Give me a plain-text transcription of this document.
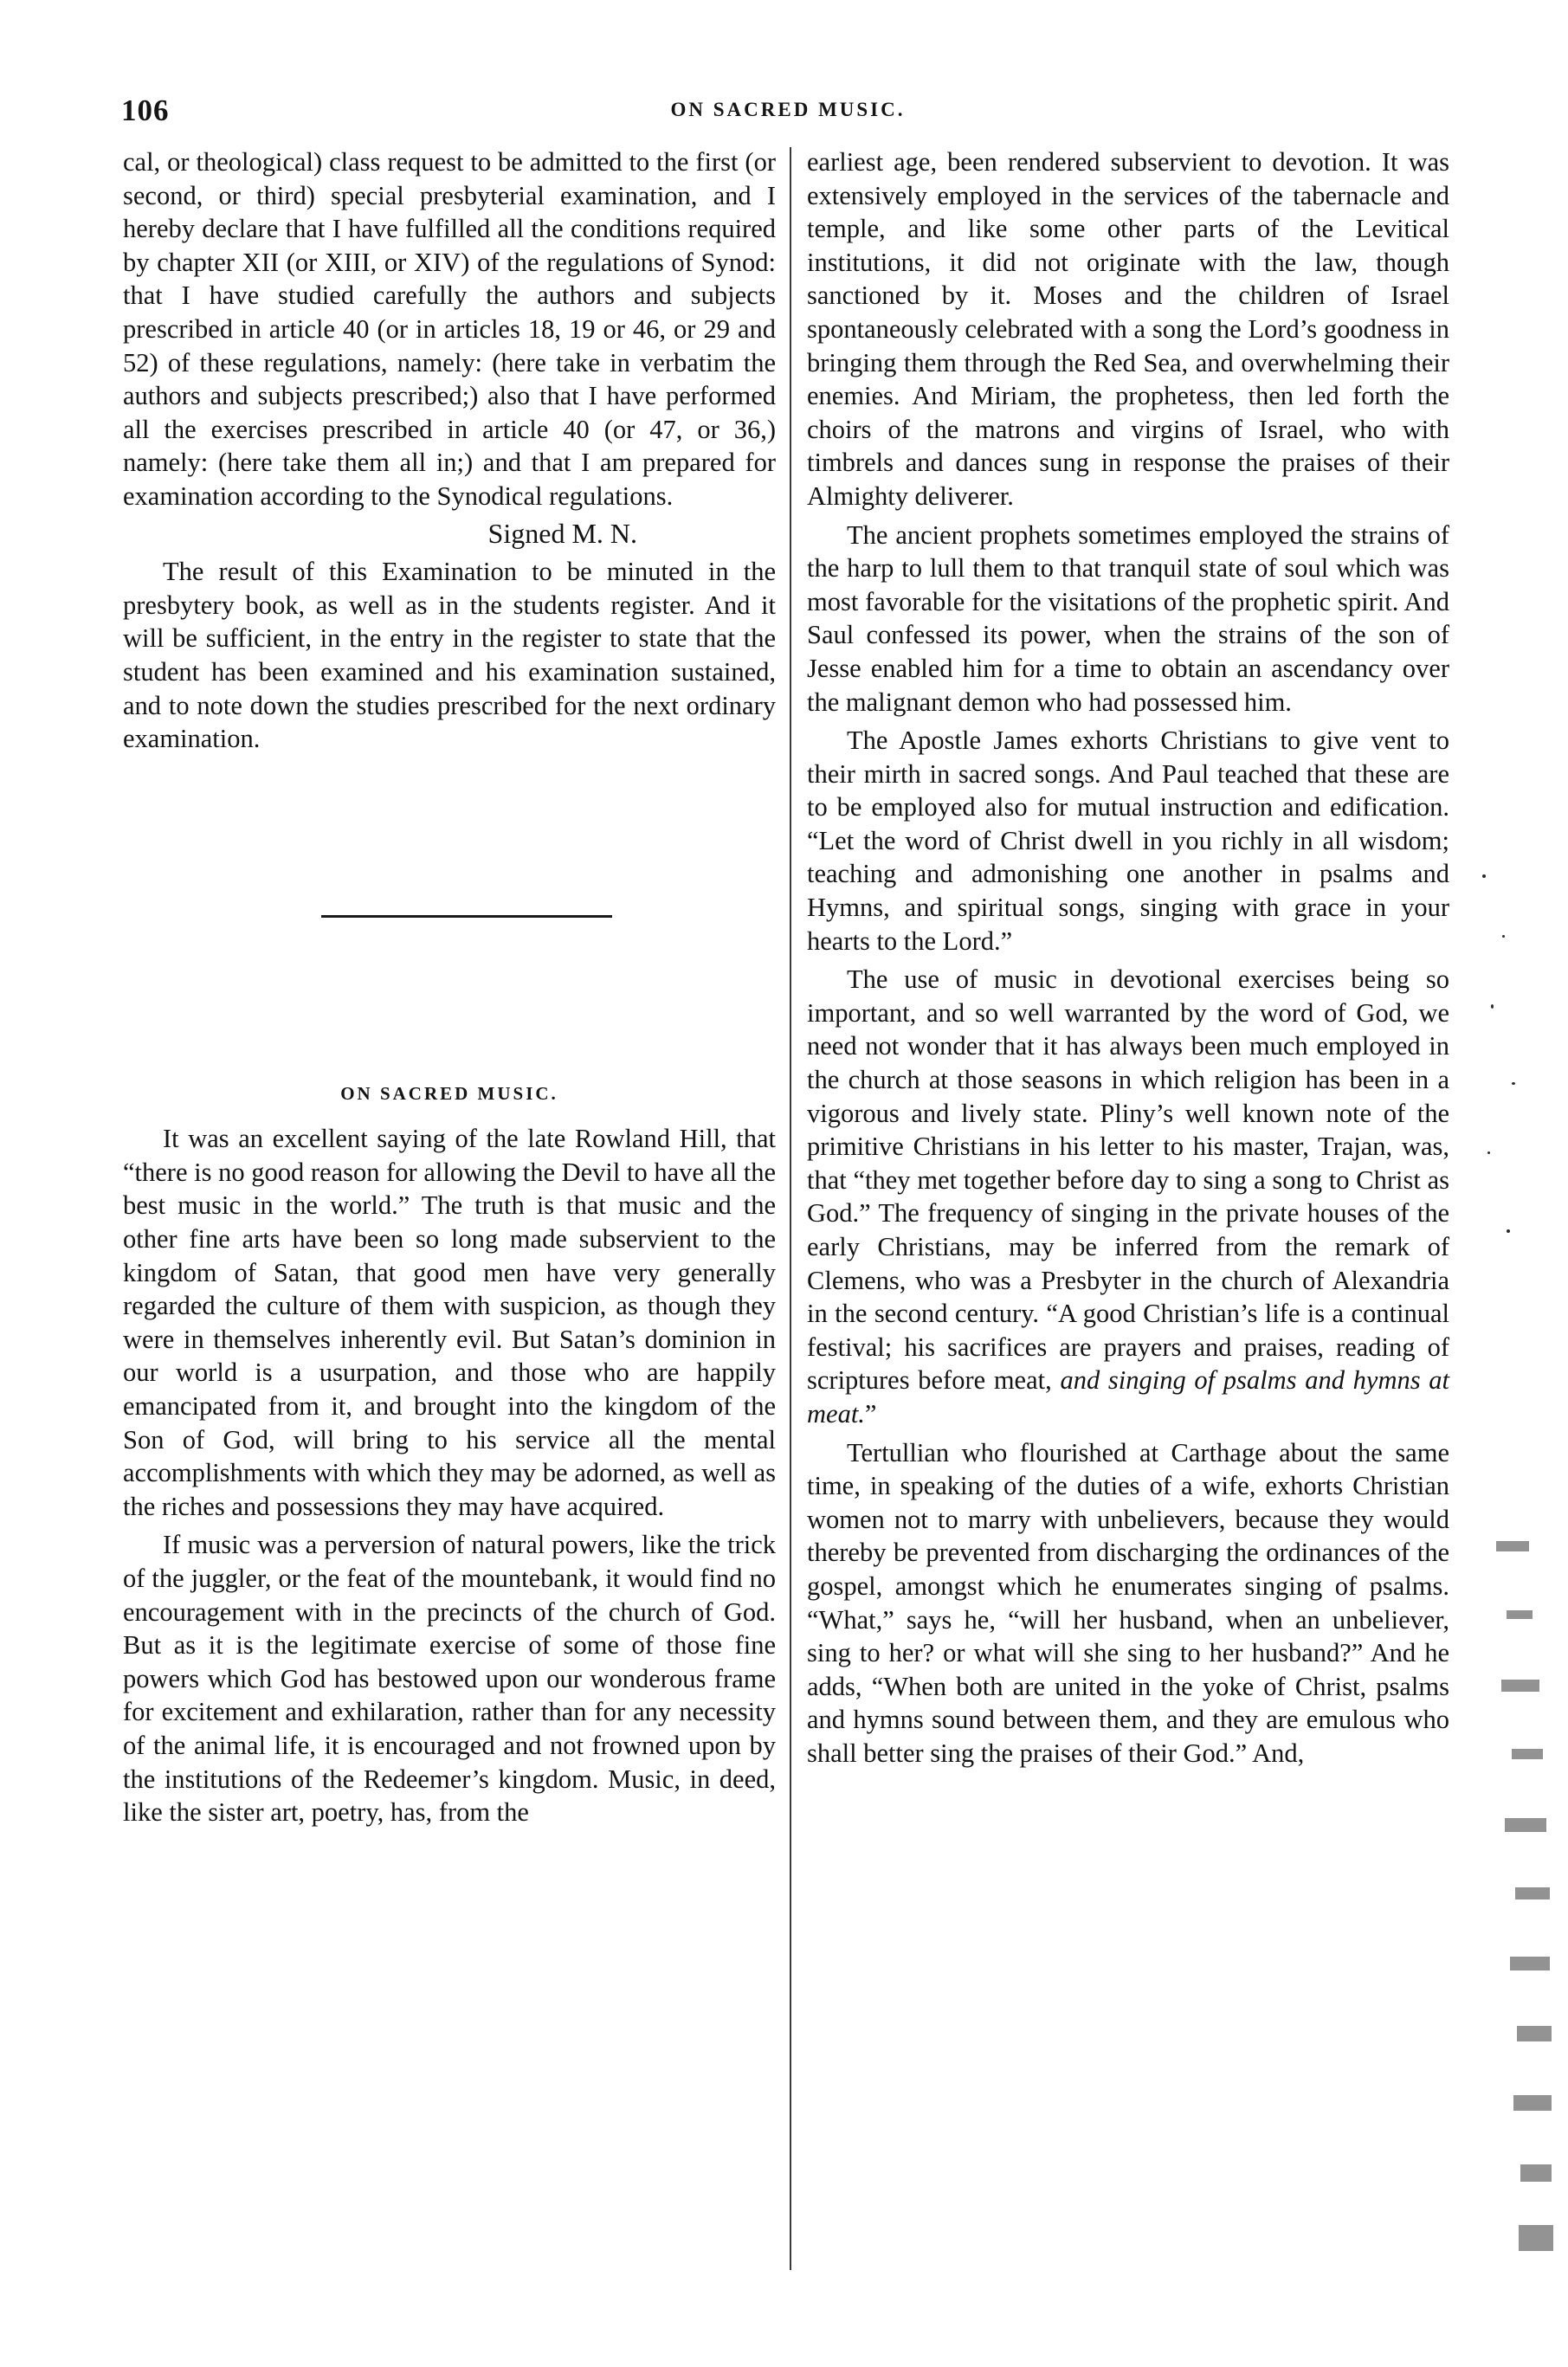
106	ON SACRED MUSIC.

cal, or theological) class request to be admitted to the first (or second, or third) special presbyterial examination, and I hereby declare that I have fulfilled all the conditions required by chapter XII (or XIII, or XIV) of the regulations of Synod: that I have studied carefully the authors and subjects prescribed in article 40 (or in articles 18, 19 or 46, or 29 and 52) of these regulations, namely: (here take in verbatim the authors and subjects prescribed;) also that I have performed all the exercises prescribed in article 40 (or 47, or 36,) namely: (here take them all in;) and that I am prepared for examination according to the Synodical regulations.

Signed M. N.

The result of this Examination to be minuted in the presbytery book, as well as in the students register. And it will be sufficient, in the entry in the register to state that the student has been examined and his examination sustained, and to note down the studies prescribed for the next ordinary examination.

ON SACRED MUSIC.

It was an excellent saying of the late Rowland Hill, that “there is no good reason for allowing the Devil to have all the best music in the world.” The truth is that music and the other fine arts have been so long made subservient to the kingdom of Satan, that good men have very generally regarded the culture of them with suspicion, as though they were in themselves inherently evil. But Satan’s dominion in our world is a usurpation, and those who are happily emancipated from it, and brought into the kingdom of the Son of God, will bring to his service all the mental accomplishments with which they may be adorned, as well as the riches and possessions they may have acquired.

If music was a perversion of natural powers, like the trick of the juggler, or the feat of the mountebank, it would find no encouragement with in the precincts of the church of God. But as it is the legitimate exercise of some of those fine powers which God has bestowed upon our wonderous frame for excitement and exhilaration, rather than for any necessity of the animal life, it is encouraged and not frowned upon by the institutions of the Redeemer’s kingdom. Music, in deed, like the sister art, poetry, has, from the

earliest age, been rendered subservient to devotion. It was extensively employed in the services of the tabernacle and temple, and like some other parts of the Levitical institutions, it did not originate with the law, though sanctioned by it. Moses and the children of Israel spontaneously celebrated with a song the Lord’s goodness in bringing them through the Red Sea, and overwhelming their enemies. And Miriam, the prophetess, then led forth the choirs of the matrons and virgins of Israel, who with timbrels and dances sung in response the praises of their Almighty deliverer.

The ancient prophets sometimes employed the strains of the harp to lull them to that tranquil state of soul which was most favorable for the visitations of the prophetic spirit. And Saul confessed its power, when the strains of the son of Jesse enabled him for a time to obtain an ascendancy over the malignant demon who had possessed him.

The Apostle James exhorts Christians to give vent to their mirth in sacred songs. And Paul teached that these are to be employed also for mutual instruction and edification. “Let the word of Christ dwell in you richly in all wisdom; teaching and admonishing one another in psalms and Hymns, and spiritual songs, singing with grace in your hearts to the Lord.”

The use of music in devotional exercises being so important, and so well warranted by the word of God, we need not wonder that it has always been much employed in the church at those seasons in which religion has been in a vigorous and lively state. Pliny’s well known note of the primitive Christians in his letter to his master, Trajan, was, that “they met together before day to sing a song to Christ as God.” The frequency of singing in the private houses of the early Christians, may be inferred from the remark of Clemens, who was a Presbyter in the church of Alexandria in the second century. “A good Christian’s life is a continual festival; his sacrifices are prayers and praises, reading of scriptures before meat, and singing of psalms and hymns at meat.”

Tertullian who flourished at Carthage about the same time, in speaking of the duties of a wife, exhorts Christian women not to marry with unbelievers, because they would thereby be prevented from discharging the ordinances of the gospel, amongst which he enumerates singing of psalms. “What,” says he, “will her husband, when an unbeliever, sing to her? or what will she sing to her husband?” And he adds, “When both are united in the yoke of Christ, psalms and hymns sound between them, and they are emulous who shall better sing the praises of their God.” And,
